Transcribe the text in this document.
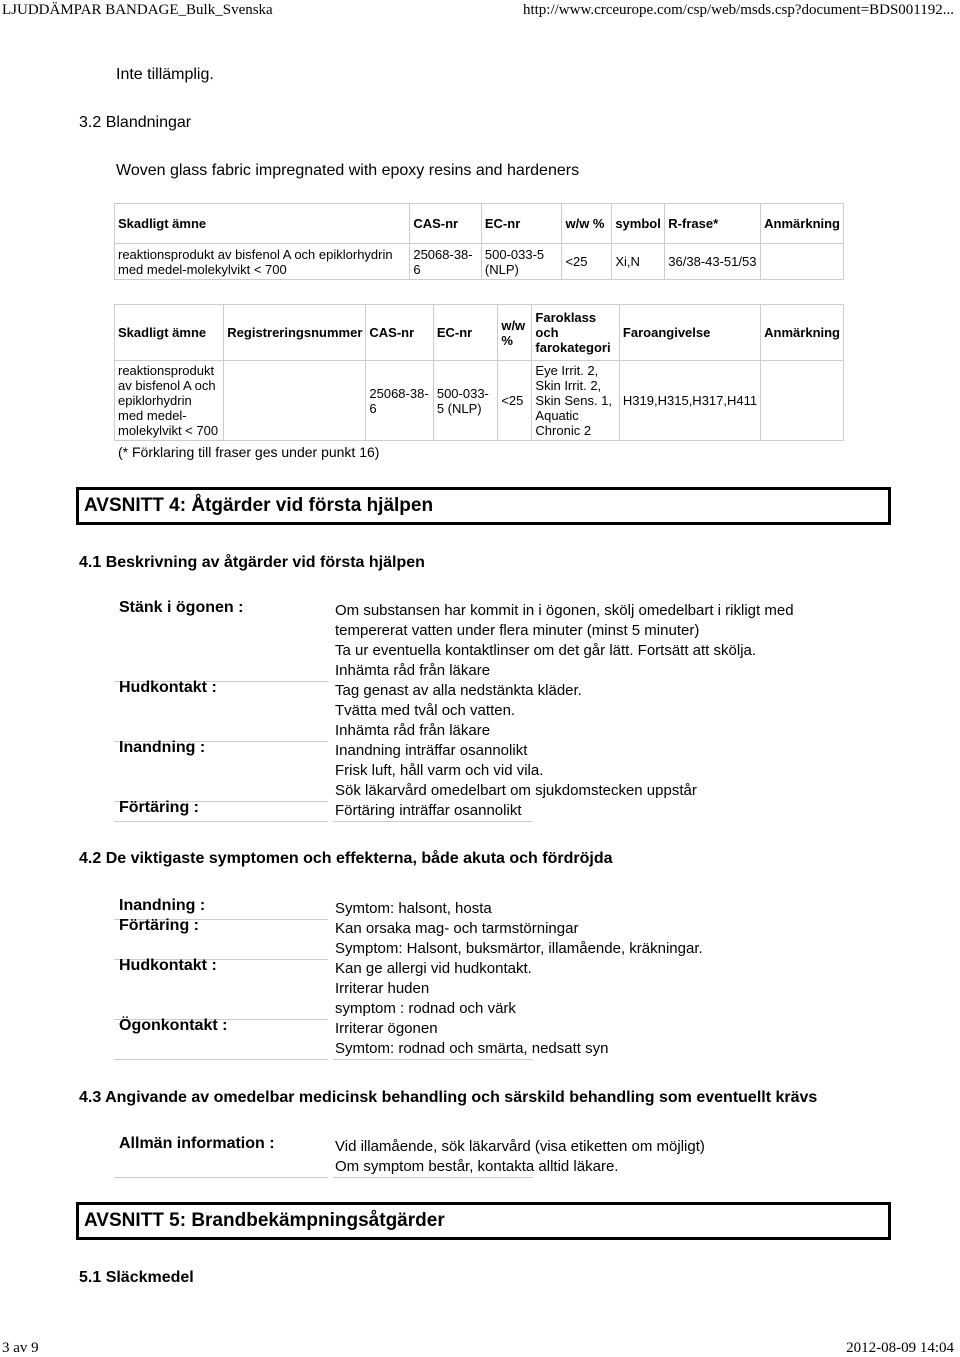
LJUDDÄMPAR BANDAGE_Bulk_Svenska	http://www.crceurope.com/csp/web/msds.csp?document=BDS001192...
Inte tillämplig.
3.2 Blandningar
Woven glass fabric impregnated with epoxy resins and hardeners
Skadligt ämne	CAS-nr	EC-nr	w/w %	symbol	R-frase*	Anmärkning
reaktionsprodukt av bisfenol A och epiklorhydrin med medel-molekylvikt < 700	25068-38-6	500-033-5 (NLP)	<25	Xi,N	36/38-43-51/53	
Skadligt ämne	Registreringsnummer	CAS-nr	EC-nr	w/w %	Faroklass och farokategori	Faroangivelse	Anmärkning
reaktionsprodukt av bisfenol A och epiklorhydrin med medel-molekylvikt < 700		25068-38-6	500-033-5 (NLP)	<25	Eye Irrit. 2, Skin Irrit. 2, Skin Sens. 1, Aquatic Chronic 2	H319,H315,H317,H411	
(* Förklaring till fraser ges under punkt 16)
AVSNITT 4: Åtgärder vid första hjälpen
4.1 Beskrivning av åtgärder vid första hjälpen
Stänk i ögonen :	Om substansen har kommit in i ögonen, skölj omedelbart i rikligt med
tempererat vatten under flera minuter (minst 5 minuter)
Ta ur eventuella kontaktlinser om det går lätt. Fortsätt att skölja.
Inhämta råd från läkare
Hudkontakt :	Tag genast av alla nedstänkta kläder.
Tvätta med tvål och vatten.
Inhämta råd från läkare
Inandning :	Inandning inträffar osannolikt
Frisk luft, håll varm och vid vila.
Sök läkarvård omedelbart om sjukdomstecken uppstår
Förtäring :	Förtäring inträffar osannolikt
4.2 De viktigaste symptomen och effekterna, både akuta och fördröjda
Inandning :	Symtom: halsont, hosta
Förtäring :	Kan orsaka mag- och tarmstörningar
Symptom: Halsont, buksmärtor, illamående, kräkningar.
Hudkontakt :	Kan ge allergi vid hudkontakt.
Irriterar huden
symptom : rodnad och värk
Ögonkontakt :	Irriterar ögonen
Symtom: rodnad och smärta, nedsatt syn
4.3 Angivande av omedelbar medicinsk behandling och särskild behandling som eventuellt krävs
Allmän information :	Vid illamående, sök läkarvård (visa etiketten om möjligt)
Om symptom består, kontakta alltid läkare.
AVSNITT 5: Brandbekämpningsåtgärder
5.1 Släckmedel
3 av 9	2012-08-09 14:04
